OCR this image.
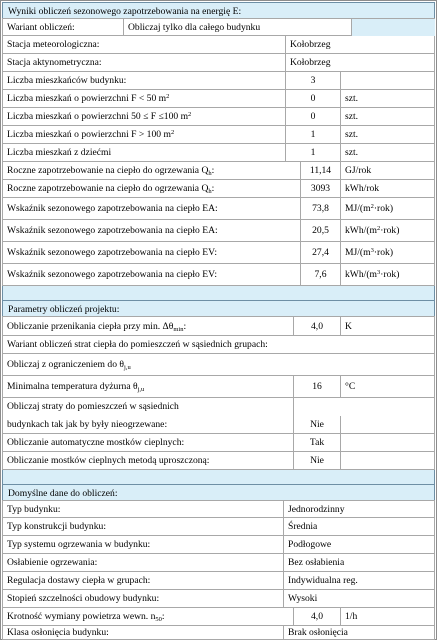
Wyniki obliczeń sezonowego zapotrzebowania na energię E:
Wariant obliczeń:	Obliczaj tylko dla całego budynku
Stacja meteorologiczna:	Kołobrzeg
Stacja aktynometryczna:	Kołobrzeg
Liczba mieszkańców budynku:	3
Liczba mieszkań o powierzchni F < 50 $m^2$	0	szt.
Liczba mieszkań o powierzchni 50 ≤ F ≤100 $m^2$	0	szt.
Liczba mieszkań o powierzchni F > 100 $m^2$	1	szt.
Liczba mieszkań z dziećmi	1	szt.
Roczne zapotrzebowanie na ciepło do ogrzewania $Q_h$:	11,14	GJ/rok
Roczne zapotrzebowanie na ciepło do ogrzewania $Q_h$:	3093	kWh/rok
Wskaźnik sezonowego zapotrzebowania na ciepło EA:	73,8	$MJ/(m^2\cdot rok)$
Wskaźnik sezonowego zapotrzebowania na ciepło EA:	20,5	kWh/$(m^2\cdot rok)$
Wskaźnik sezonowego zapotrzebowania na ciepło EV:	27,4	$MJ/(m^3\cdot rok)$
Wskaźnik sezonowego zapotrzebowania na ciepło EV:	7,6	kWh/$(m^3\cdot rok)$
Parametry obliczeń projektu:
Obliczanie przenikania ciepła przy min. $\Delta\theta_{min}$:	4,0	K
Wariant obliczeń strat ciepła do pomieszczeń w sąsiednich grupach:
Obliczaj z ograniczeniem do $\theta_{j,u}$
Minimalna temperatura dyżurna $\theta_{j,u}$	16	°C
Obliczaj straty do pomieszczeń w sąsiednich
budynkach tak jak by były nieogrzewane:	Nie
Obliczanie automatyczne mostków cieplnych:	Tak
Obliczanie mostków cieplnych metodą uproszczoną:	Nie
Domyślne dane do obliczeń:
Typ budynku:	Jednorodzinny
Typ konstrukcji budynku:	Średnia
Typ systemu ogrzewania w budynku:	Podłogowe
Osłabienie ogrzewania:	Bez osłabienia
Regulacja dostawy ciepła w grupach:	Indywidualna reg.
Stopień szczelności obudowy budynku:	Wysoki
Krotność wymiany powietrza wewn. $n_{50}$:	4,0	1/h
Klasa osłonięcia budynku:	Brak osłonięcia
